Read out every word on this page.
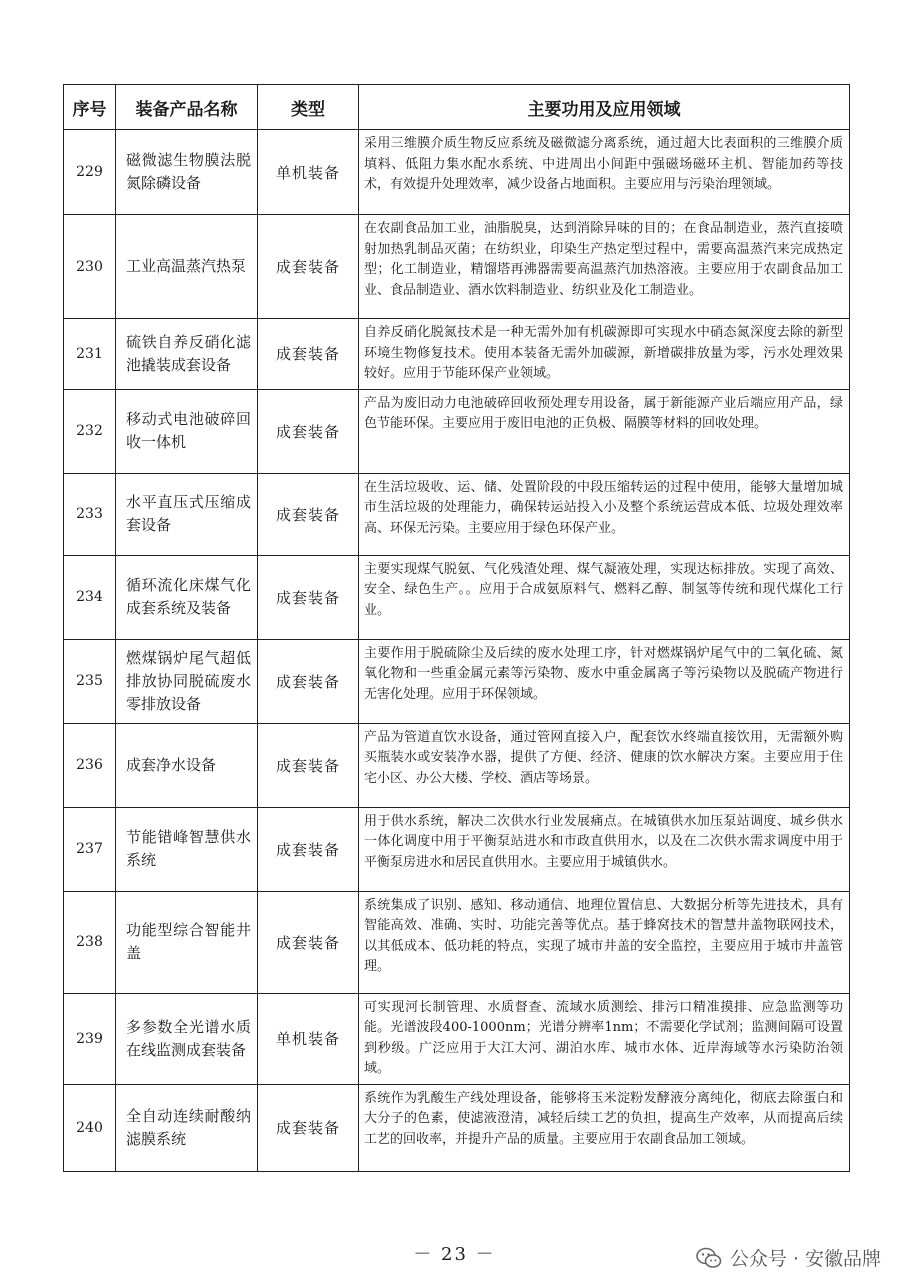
序号	装备产品名称	类型	主要功用及应用领域
229	磁微滤生物膜法脱氮除磷设备	单机装备	采用三维膜介质生物反应系统及磁微滤分离系统，通过超大比表面积的三维膜介质填料、低阻力集水配水系统、中进周出小间距中强磁场磁环主机、智能加药等技术，有效提升处理效率，减少设备占地面积。主要应用与污染治理领域。
230	工业高温蒸汽热泵	成套装备	在农副食品加工业，油脂脱臭，达到消除异味的目的；在食品制造业，蒸汽直接喷射加热乳制品灭菌；在纺织业，印染生产热定型过程中，需要高温蒸汽来完成热定型；化工制造业，精馏塔再沸器需要高温蒸汽加热溶液。主要应用于农副食品加工业、食品制造业、酒水饮料制造业、纺织业及化工制造业。
231	硫铁自养反硝化滤池撬装成套设备	成套装备	自养反硝化脱氮技术是一种无需外加有机碳源即可实现水中硝态氮深度去除的新型环境生物修复技术。使用本装备无需外加碳源，新增碳排放量为零，污水处理效果较好。应用于节能环保产业领域。
232	移动式电池破碎回收一体机	成套装备	产品为废旧动力电池破碎回收预处理专用设备，属于新能源产业后端应用产品，绿色节能环保。主要应用于废旧电池的正负极、隔膜等材料的回收处理。
233	水平直压式压缩成套设备	成套装备	在生活垃圾收、运、储、处置阶段的中段压缩转运的过程中使用，能够大量增加城市生活垃圾的处理能力，确保转运站投入小及整个系统运营成本低、垃圾处理效率高、环保无污染。主要应用于绿色环保产业。
234	循环流化床煤气化成套系统及装备	成套装备	主要实现煤气脱氨、气化残渣处理、煤气凝液处理，实现达标排放。实现了高效、安全、绿色生产。。应用于合成氨原料气、燃料乙醇、制氢等传统和现代煤化工行业。
235	燃煤锅炉尾气超低排放协同脱硫废水零排放设备	成套装备	主要作用于脱硫除尘及后续的废水处理工序，针对燃煤锅炉尾气中的二氧化硫、氮氧化物和一些重金属元素等污染物、废水中重金属离子等污染物以及脱硫产物进行无害化处理。应用于环保领域。
236	成套净水设备	成套装备	产品为管道直饮水设备，通过管网直接入户，配套饮水终端直接饮用，无需额外购买瓶装水或安装净水器，提供了方便、经济、健康的饮水解决方案。主要应用于住宅小区、办公大楼、学校、酒店等场景。
237	节能错峰智慧供水系统	成套装备	用于供水系统，解决二次供水行业发展痛点。在城镇供水加压泵站调度、城乡供水一体化调度中用于平衡泵站进水和市政直供用水，以及在二次供水需求调度中用于平衡泵房进水和居民直供用水。主要应用于城镇供水。
238	功能型综合智能井盖	成套装备	系统集成了识别、感知、移动通信、地理位置信息、大数据分析等先进技术，具有智能高效、准确、实时、功能完善等优点。基于蜂窝技术的智慧井盖物联网技术，以其低成本、低功耗的特点，实现了城市井盖的安全监控，主要应用于城市井盖管理。
239	多参数全光谱水质在线监测成套装备	单机装备	可实现河长制管理、水质督查、流域水质测绘、排污口精准摸排、应急监测等功能。光谱波段400-1000nm；光谱分辨率1nm；不需要化学试剂；监测间隔可设置到秒级。广泛应用于大江大河、湖泊水库、城市水体、近岸海域等水污染防治领域。
240	全自动连续耐酸纳滤膜系统	成套装备	系统作为乳酸生产线处理设备，能够将玉米淀粉发酵液分离纯化，彻底去除蛋白和大分子的色素，使滤液澄清，减轻后续工艺的负担，提高生产效率，从而提高后续工艺的回收率，并提升产品的质量。主要应用于农副食品加工领域。
－ 23 －	公众号 · 安徽品牌
